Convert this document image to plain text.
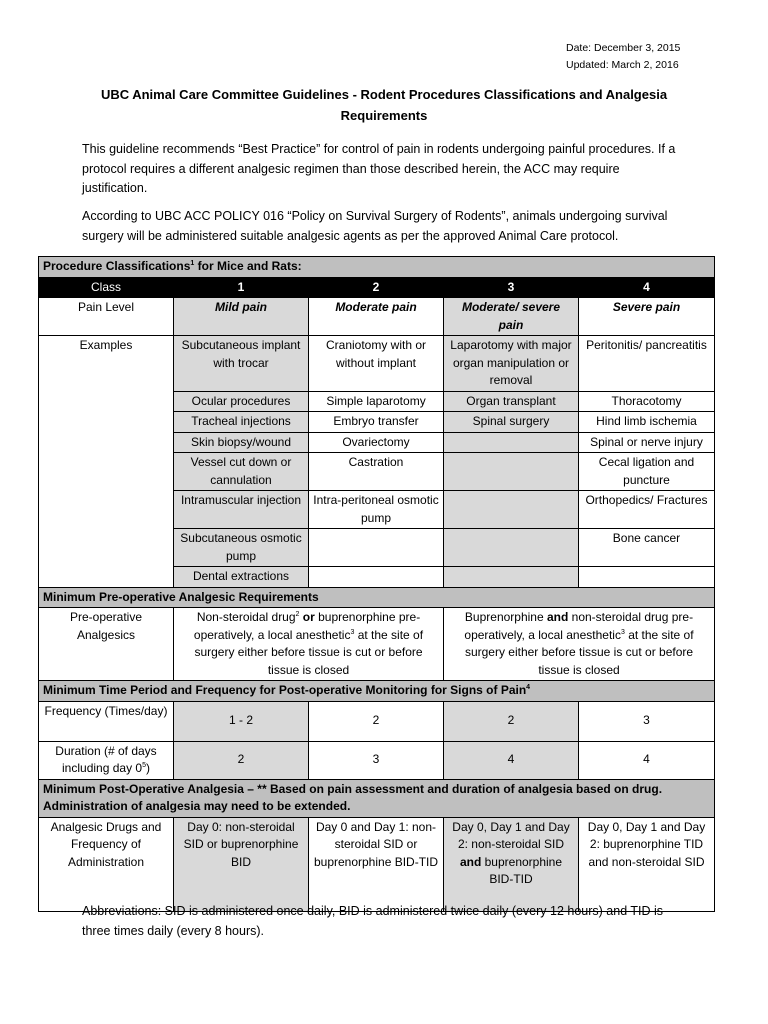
Date: December 3, 2015
Updated: March 2, 2016
UBC Animal Care Committee Guidelines - Rodent Procedures Classifications and Analgesia Requirements
This guideline recommends “Best Practice” for control of pain in rodents undergoing painful procedures. If a protocol requires a different analgesic regimen than those described herein, the ACC may require justification.
According to UBC ACC POLICY 016 “Policy on Survival Surgery of Rodents”, animals undergoing survival surgery will be administered suitable analgesic agents as per the approved Animal Care protocol.
Procedure Classifications$^1$ for Mice and Rats:				
Class	1	2	3	4
Pain Level	Mild pain	Moderate pain	Moderate/ severe pain	Severe pain
Examples	Subcutaneous implant with trocar	Craniotomy with or without implant	Laparotomy with major organ manipulation or removal	Peritonitis/ pancreatitis
	Ocular procedures	Simple laparotomy	Organ transplant	Thoracotomy
	Tracheal injections	Embryo transfer	Spinal surgery	Hind limb ischemia
	Skin biopsy/wound	Ovariectomy		Spinal or nerve injury
	Vessel cut down or cannulation	Castration		Cecal ligation and puncture
	Intramuscular injection	Intra-peritoneal osmotic pump		Orthopedics/ Fractures
	Subcutaneous osmotic pump			Bone cancer
	Dental extractions			
Minimum Pre-operative Analgesic Requirements				
Pre-operative Analgesics	Non-steroidal drug$^2$ or buprenorphine pre-operatively, a local anesthetic$^3$ at the site of surgery either before tissue is cut or before tissue is closed		Buprenorphine and non-steroidal drug pre-operatively, a local anesthetic$^3$ at the site of surgery either before tissue is cut or before tissue is closed	
Minimum Time Period and Frequency for Post-operative Monitoring for Signs of Pain$^4$
Frequency (Times/day)	1 - 2	2	2	3
Duration (# of days including day $0^5$)	2	3	4	4
Minimum Post-Operative Analgesia – ** Based on pain assessment and duration of analgesia based on drug. Administration of analgesia may need to be extended.				
Analgesic Drugs and Frequency of Administration	Day 0: non-steroidal SID or buprenorphine BID	Day 0 and Day 1: non-steroidal SID or buprenorphine BID-TID	Day 0, Day 1 and Day 2: non-steroidal SID and buprenorphine BID-TID	Day 0, Day 1 and Day 2: buprenorphine TID and non-steroidal SID
Abbreviations: SID is administered once daily, BID is administered twice daily (every 12 hours) and TID is three times daily (every 8 hours).
